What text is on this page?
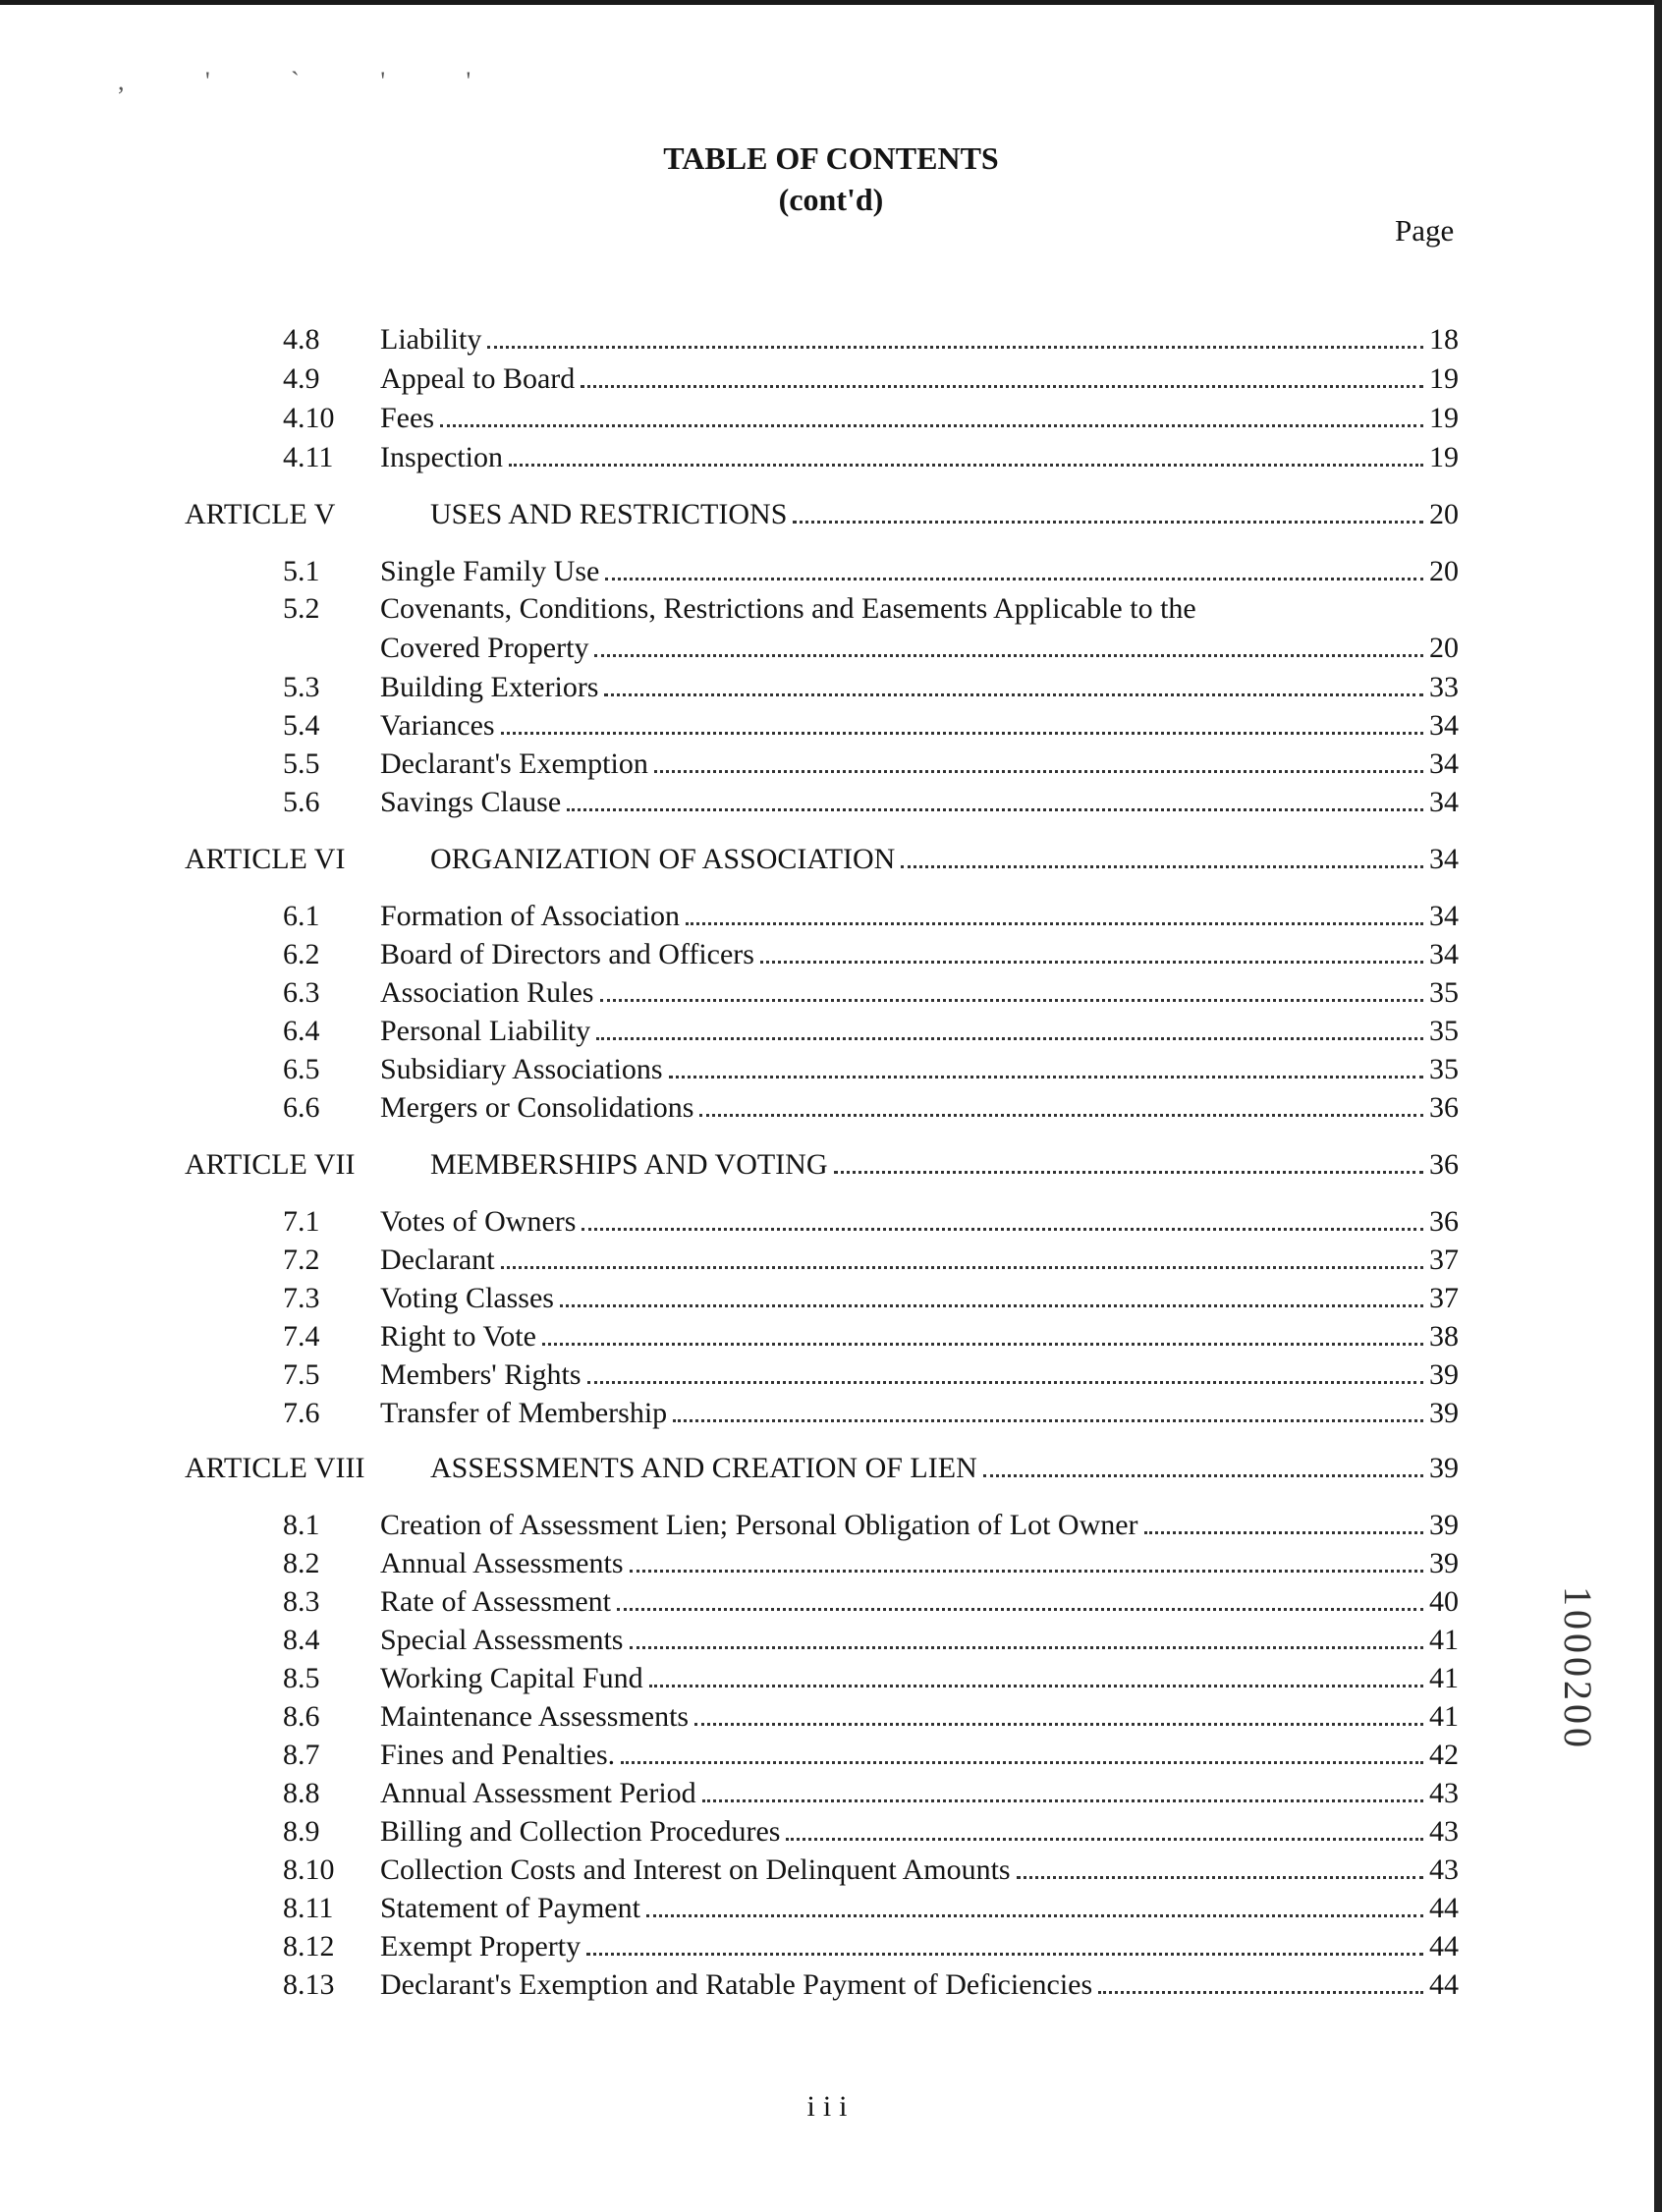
, ' ` ' '
TABLE OF CONTENTS
(cont'd)
Page
4.8 Liability	18
4.9 Appeal to Board	19
4.10 Fees	19
4.11 Inspection	19
ARTICLE V	USES AND RESTRICTIONS	20
5.1 Single Family Use	20
5.2 Covenants, Conditions, Restrictions and Easements Applicable to the
Covered Property	20
5.3 Building Exteriors	33
5.4 Variances	34
5.5 Declarant's Exemption	34
5.6 Savings Clause	34
ARTICLE VI	ORGANIZATION OF ASSOCIATION	34
6.1 Formation of Association	34
6.2 Board of Directors and Officers	34
6.3 Association Rules	35
6.4 Personal Liability	35
6.5 Subsidiary Associations	35
6.6 Mergers or Consolidations	36
ARTICLE VII	MEMBERSHIPS AND VOTING	36
7.1 Votes of Owners	36
7.2 Declarant	37
7.3 Voting Classes	37
7.4 Right to Vote	38
7.5 Members' Rights	39
7.6 Transfer of Membership	39
ARTICLE VIII ASSESSMENTS AND CREATION OF LIEN	39
8.1 Creation of Assessment Lien; Personal Obligation of Lot Owner	39
8.2 Annual Assessments	39
8.3 Rate of Assessment	40
8.4 Special Assessments	41
8.5 Working Capital Fund	41
8.6 Maintenance Assessments	41
8.7 Fines and Penalties.	42
8.8 Annual Assessment Period	43
8.9 Billing and Collection Procedures	43
8.10 Collection Costs and Interest on Delinquent Amounts	43
8.11 Statement of Payment	44
8.12 Exempt Property	44
8.13 Declarant's Exemption and Ratable Payment of Deficiencies	44
iii
1000200
